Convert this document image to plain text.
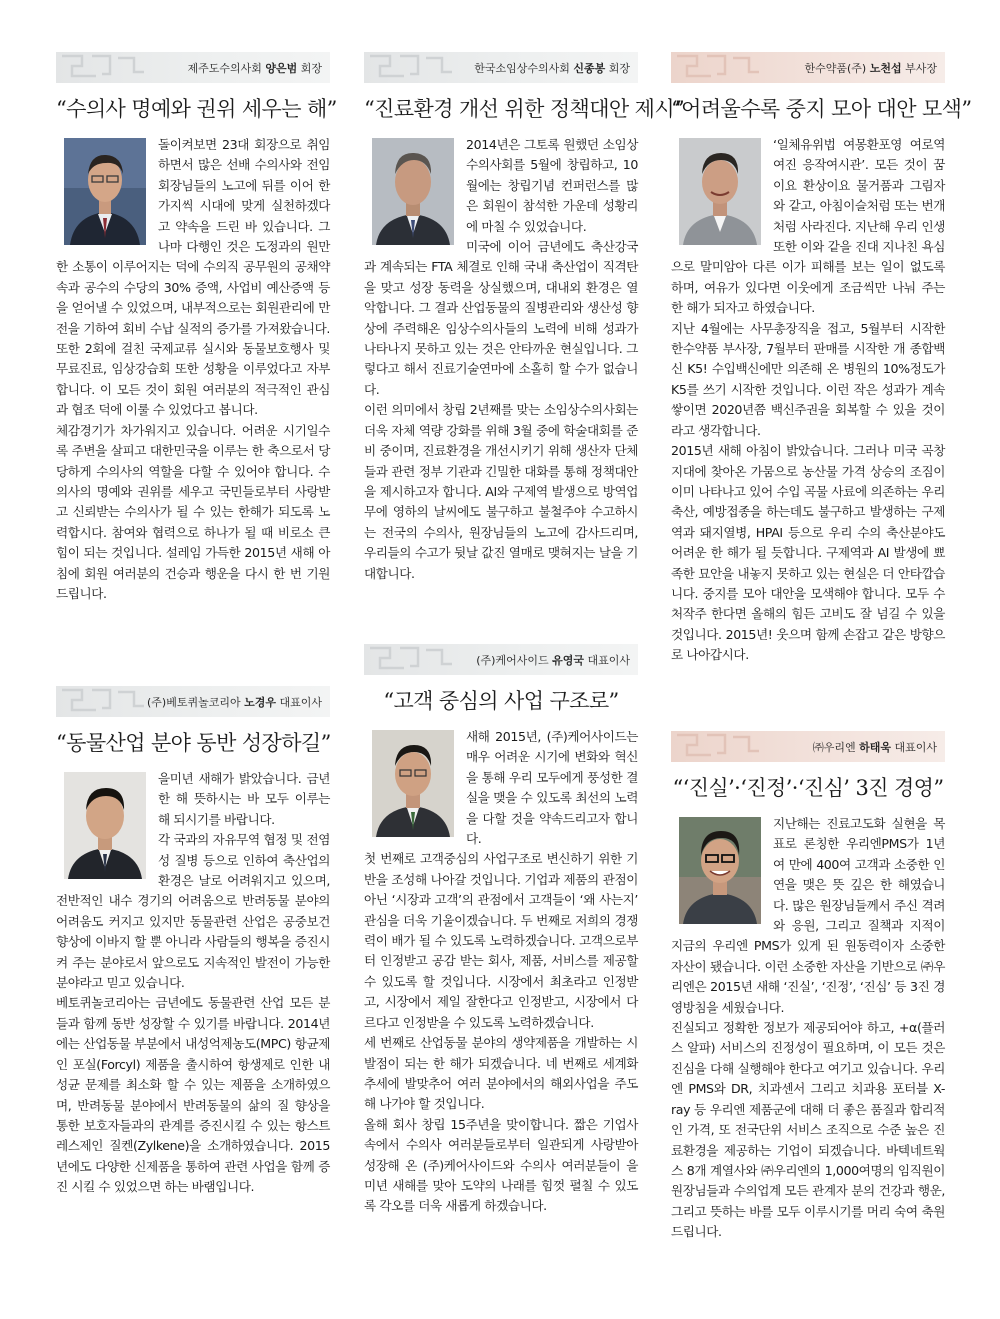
제주도수의사회 양은범 회장
“수의사 명예와 권위 세우는 해”

돌이켜보면 23대 회장으로 취임하면서 많은 선배 수의사와 전임 회장님들의 노고에 뒤를 이어 한 가지씩 시대에 맞게 실천하겠다고 약속을 드린 바 있습니다. 그나마 다행인 것은 도정과의 원만한 소통이 이루어지는 덕에 수의직 공무원의 공채약속과 공수의 수당의 30% 증액, 사업비 예산증액 등을 얻어낼 수 있었으며, 내부적으로는 회원관리에 만전을 기하여 회비 수납 실적의 증가를 가져왔습니다. 또한 2회에 걸친 국제교류 실시와 동물보호행사 및 무료진료, 임상강습회 또한 성황을 이루었다고 자부합니다. 이 모든 것이 회원 여러분의 적극적인 관심과 협조 덕에 이룰 수 있었다고 봅니다.
체감경기가 차가워지고 있습니다. 어려운 시기일수록 주변을 살피고 대한민국을 이루는 한 축으로서 당당하게 수의사의 역할을 다할 수 있어야 합니다. 수의사의 명예와 권위를 세우고 국민들로부터 사랑받고 신뢰받는 수의사가 될 수 있는 한해가 되도록 노력합시다. 참여와 협력으로 하나가 될 때 비로소 큰 힘이 되는 것입니다. 설레임 가득한 2015년 새해 아침에 회원 여러분의 건승과 행운을 다시 한 번 기원 드립니다.

(주)베토퀴놀코리아 노경우 대표이사
“동물산업 분야 동반 성장하길”

을미년 새해가 밝았습니다. 금년 한 해 뜻하시는 바 모두 이루는 해 되시기를 바랍니다.
각 국과의 자유무역 협정 및 전염성 질병 등으로 인하여 축산업의 환경은 날로 어려워지고 있으며, 전반적인 내수 경기의 어려움으로 반려동물 분야의 어려움도 커지고 있지만 동물관련 산업은 공중보건 향상에 이바지 할 뿐 아니라 사람들의 행복을 증진시켜 주는 분야로서 앞으로도 지속적인 발전이 가능한 분야라고 믿고 있습니다.
베토퀴놀코리아는 금년에도 동물관련 산업 모든 분들과 함께 동반 성장할 수 있기를 바랍니다. 2014년에는 산업동물 부분에서 내성억제농도(MPC) 항균제인 포실(Forcyl) 제품을 출시하여 항생제로 인한 내성균 문제를 최소화 할 수 있는 제품을 소개하였으며, 반려동물 분야에서 반려동물의 삶의 질 향상을 통한 보호자들과의 관계를 증진시킬 수 있는 항스트레스제인 질켄(Zylkene)을 소개하였습니다. 2015년에도 다양한 신제품을 통하여 관련 사업을 함께 증진 시킬 수 있었으면 하는 바램입니다.

한국소임상수의사회 신종봉 회장
“진료환경 개선 위한 정책대안 제시”

2014년은 그토록 원했던 소임상수의사회를 5월에 창립하고, 10월에는 창립기념 컨퍼런스를 많은 회원이 참석한 가운데 성황리에 마칠 수 있었습니다.
미국에 이어 금년에도 축산강국과 계속되는 FTA 체결로 인해 국내 축산업이 직격탄을 맞고 성장 동력을 상실했으며, 대내외 환경은 열악합니다. 그 결과 산업동물의 질병관리와 생산성 향상에 주력해온 임상수의사들의 노력에 비해 성과가 나타나지 못하고 있는 것은 안타까운 현실입니다. 그렇다고 해서 진료기술연마에 소홀히 할 수가 없습니다.
이런 의미에서 창립 2년째를 맞는 소임상수의사회는 더욱 자체 역량 강화를 위해 3월 중에 학술대회를 준비 중이며, 진료환경을 개선시키기 위해 생산자 단체들과 관련 정부 기관과 긴밀한 대화를 통해 정책대안을 제시하고자 합니다. AI와 구제역 발생으로 방역업무에 영하의 날씨에도 불구하고 불철주야 수고하시는 전국의 수의사, 원장님들의 노고에 감사드리며, 우리들의 수고가 뒷날 값진 열매로 맺혀지는 날을 기대합니다.

(주)케어사이드 유영국 대표이사
“고객 중심의 사업 구조로”

새해 2015년, (주)케어사이드는 매우 어려운 시기에 변화와 혁신을 통해 우리 모두에게 풍성한 결실을 맺을 수 있도록 최선의 노력을 다할 것을 약속드리고자 합니다.
첫 번째로 고객중심의 사업구조로 변신하기 위한 기반을 조성해 나아갈 것입니다. 기업과 제품의 관점이 아닌 ‘시장과 고객’의 관점에서 고객들이 ‘왜 사는지’ 관심을 더욱 기울이겠습니다. 두 번째로 저희의 경쟁력이 배가 될 수 있도록 노력하겠습니다. 고객으로부터 인정받고 공감 받는 회사, 제품, 서비스를 제공할 수 있도록 할 것입니다. 시장에서 최초라고 인정받고, 시장에서 제일 잘한다고 인정받고, 시장에서 다르다고 인정받을 수 있도록 노력하겠습니다.
세 번째로 산업동물 분야의 생약제품을 개발하는 시발점이 되는 한 해가 되겠습니다. 네 번째로 세계화 추세에 발맞추어 여러 분야에서의 해외사업을 주도해 나가야 할 것입니다.
올해 회사 창립 15주년을 맞이합니다. 짧은 기업사 속에서 수의사 여러분들로부터 일관되게 사랑받아 성장해 온 (주)케어사이드와 수의사 여러분들이 을미년 새해를 맞아 도약의 나래를 힘껏 펼칠 수 있도록 각오를 더욱 새롭게 하겠습니다.

한수약품(주) 노천섭 부사장
“어려울수록 중지 모아 대안 모색”

‘일체유위법 여몽환포영 여로역여진 응작여시관’. 모든 것이 꿈이요 환상이요 물거품과 그림자와 같고, 아침이슬처럼 또는 번개처럼 사라진다. 지난해 우리 인생 또한 이와 같을 진대 지나친 욕심으로 말미암아 다른 이가 피해를 보는 일이 없도록 하며, 여유가 있다면 이웃에게 조금씩만 나눠 주는 한 해가 되자고 하였습니다.
지난 4월에는 사무총장직을 접고, 5월부터 시작한 한수약품 부사장, 7월부터 판매를 시작한 개 종합백신 K5! 수입백신에만 의존해 온 병원의 10%정도가 K5를 쓰기 시작한 것입니다. 이런 작은 성과가 계속 쌓이면 2020년쯤 백신주권을 회복할 수 있을 것이라고 생각합니다.
2015년 새해 아침이 밝았습니다. 그러나 미국 곡창지대에 찾아온 가뭄으로 농산물 가격 상승의 조짐이 이미 나타나고 있어 수입 곡물 사료에 의존하는 우리 축산, 예방접종을 하는데도 불구하고 발생하는 구제역과 돼지열병, HPAI 등으로 우리 수의 축산분야도 어려운 한 해가 될 듯합니다. 구제역과 AI 발생에 뾰족한 묘안을 내놓지 못하고 있는 현실은 더 안타깝습니다. 중지를 모아 대안을 모색해야 합니다. 모두 수처작주 한다면 올해의 힘든 고비도 잘 넘길 수 있을 것입니다. 2015년! 웃으며 함께 손잡고 같은 방향으로 나아갑시다.

㈜우리엔 하태욱 대표이사
“‘진실’·‘진정’·‘진심’ 3진 경영”

지난해는 진료고도화 실현을 목표로 론칭한 우리엔PMS가 1년여 만에 400여 고객과 소중한 인연을 맺은 뜻 깊은 한 해였습니다. 많은 원장님들께서 주신 격려와 응원, 그리고 질책과 지적이 지금의 우리엔 PMS가 있게 된 원동력이자 소중한 자산이 됐습니다. 이런 소중한 자산을 기반으로 ㈜우리엔은 2015년 새해 ‘진실’, ‘진정’, ‘진심’ 등 3진 경영방침을 세웠습니다.
진실되고 정확한 정보가 제공되어야 하고, +α(플러스 알파) 서비스의 진정성이 필요하며, 이 모든 것은 진심을 다해 실행해야 한다고 여기고 있습니다. 우리엔 PMS와 DR, 치과센서 그리고 치과용 포터블 X-ray 등 우리엔 제품군에 대해 더 좋은 품질과 합리적인 가격, 또 전국단위 서비스 조직으로 수준 높은 진료환경을 제공하는 기업이 되겠습니다. 바텍네트웍스 8개 계열사와 ㈜우리엔의 1,000여명의 임직원이 원장님들과 수의업계 모든 관계자 분의 건강과 행운, 그리고 뜻하는 바를 모두 이루시기를 머리 숙여 축원 드립니다.
